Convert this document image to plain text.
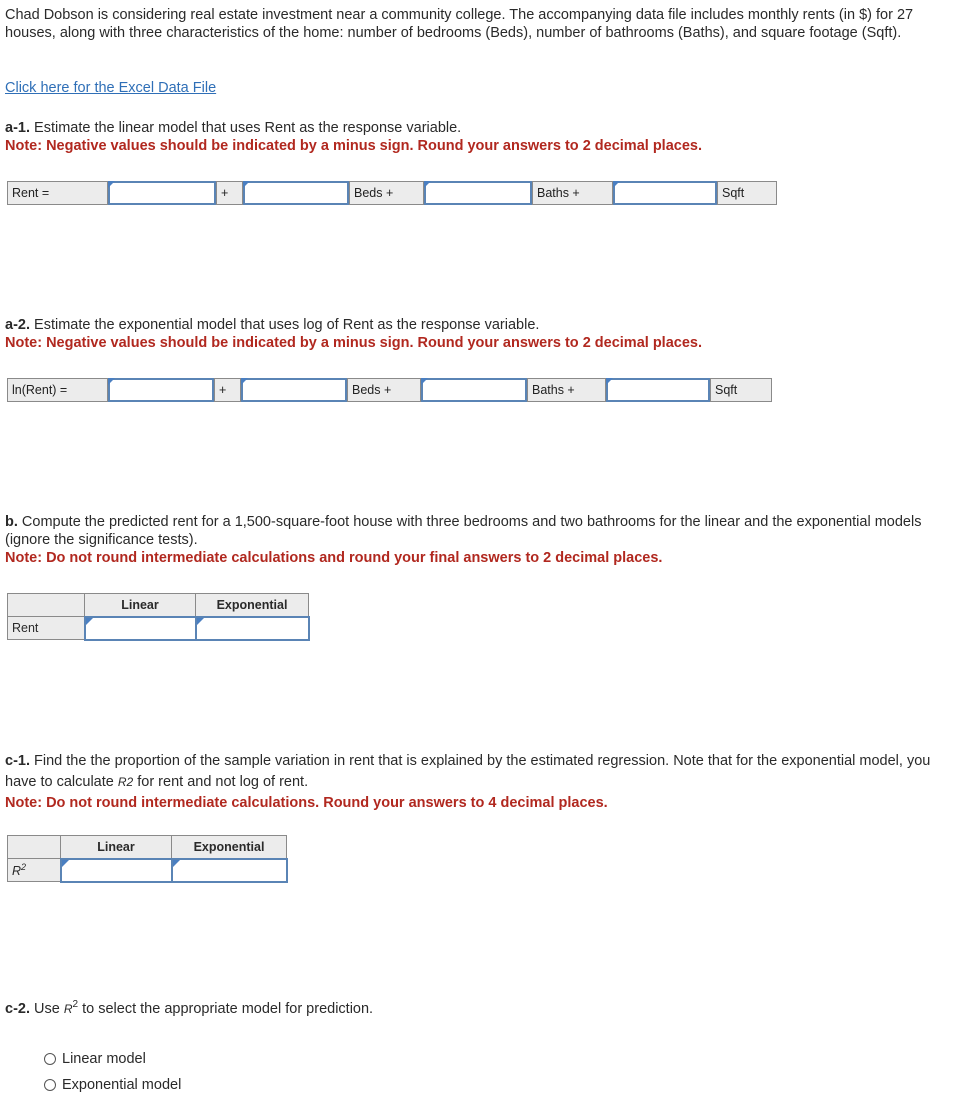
Chad Dobson is considering real estate investment near a community college. The accompanying data file includes monthly rents (in $) for 27 houses, along with three characteristics of the home: number of bedrooms (Beds), number of bathrooms (Baths), and square footage (Sqft).
Click here for the Excel Data File
a-1. Estimate the linear model that uses Rent as the response variable.
Note: Negative values should be indicated by a minus sign. Round your answers to 2 decimal places.
Rent =	+	Beds +	Baths +	Sqft
a-2. Estimate the exponential model that uses log of Rent as the response variable.
Note: Negative values should be indicated by a minus sign. Round your answers to 2 decimal places.
ln(Rent) =	+	Beds +	Baths +	Sqft
b. Compute the predicted rent for a 1,500-square-foot house with three bedrooms and two bathrooms for the linear and the exponential models (ignore the significance tests).
Note: Do not round intermediate calculations and round your final answers to 2 decimal places.
	Linear	Exponential
Rent	

c-1. Find the the proportion of the sample variation in rent that is explained by the estimated regression. Note that for the exponential model, you have to calculate R2 for rent and not log of rent.
Note: Do not round intermediate calculations. Round your answers to 4 decimal places.
	Linear	Exponential
$R^2$	

c-2. Use $R^2$ to select the appropriate model for prediction.
Linear model
Exponential model
